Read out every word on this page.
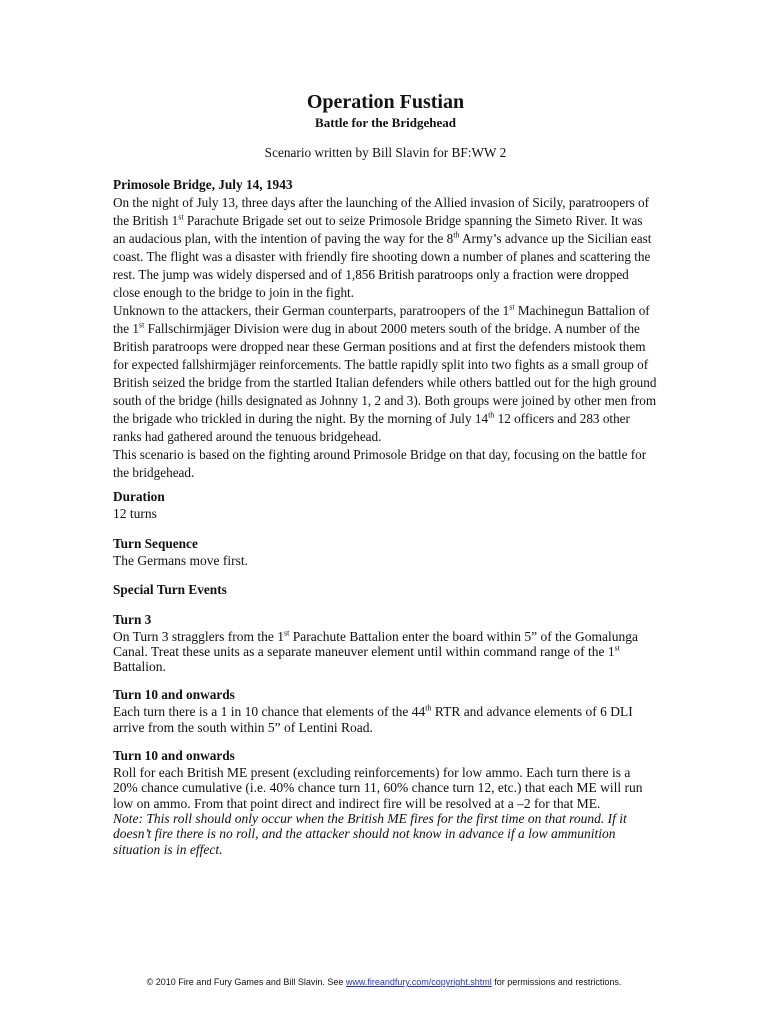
Operation Fustian
Battle for the Bridgehead

Scenario written by Bill Slavin for BF:WW 2

Primosole Bridge, July 14, 1943

On the night of July 13, three days after the launching of the Allied invasion of Sicily, paratroopers of the British 1st Parachute Brigade set out to seize Primosole Bridge spanning the Simeto River. It was an audacious plan, with the intention of paving the way for the 8th Army’s advance up the Sicilian east coast. The flight was a disaster with friendly fire shooting down a number of planes and scattering the rest. The jump was widely dispersed and of 1,856 British paratroops only a fraction were dropped close enough to the bridge to join in the fight.

Unknown to the attackers, their German counterparts, paratroopers of the 1st Machinegun Battalion of the 1st Fallschirmjäger Division were dug in about 2000 meters south of the bridge. A number of the British paratroops were dropped near these German positions and at first the defenders mistook them for expected fallshirmjäger reinforcements. The battle rapidly split into two fights as a small group of British seized the bridge from the startled Italian defenders while others battled out for the high ground south of the bridge (hills designated as Johnny 1, 2 and 3). Both groups were joined by other men from the brigade who trickled in during the night. By the morning of July 14th 12 officers and 283 other ranks had gathered around the tenuous bridgehead.

This scenario is based on the fighting around Primosole Bridge on that day, focusing on the battle for the bridgehead.

Duration

12 turns

Turn Sequence

The Germans move first.

Special Turn Events

Turn 3

On Turn 3 stragglers from the 1st Parachute Battalion enter the board within 5” of the Gomalunga Canal. Treat these units as a separate maneuver element until within command range of the 1st Battalion.

Turn 10 and onwards

Each turn there is a 1 in 10 chance that elements of the 44th RTR and advance elements of 6 DLI arrive from the south within 5” of Lentini Road.

Turn 10 and onwards

Roll for each British ME present (excluding reinforcements) for low ammo. Each turn there is a 20% chance cumulative (i.e. 40% chance turn 11, 60% chance turn 12, etc.) that each ME will run low on ammo. From that point direct and indirect fire will be resolved at a –2 for that ME.

Note: This roll should only occur when the British ME fires for the first time on that round. If it doesn’t fire there is no roll, and the attacker should not know in advance if a low ammunition situation is in effect.

© 2010 Fire and Fury Games and Bill Slavin. See www.fireandfury.com/copyright.shtml for permissions and restrictions.
